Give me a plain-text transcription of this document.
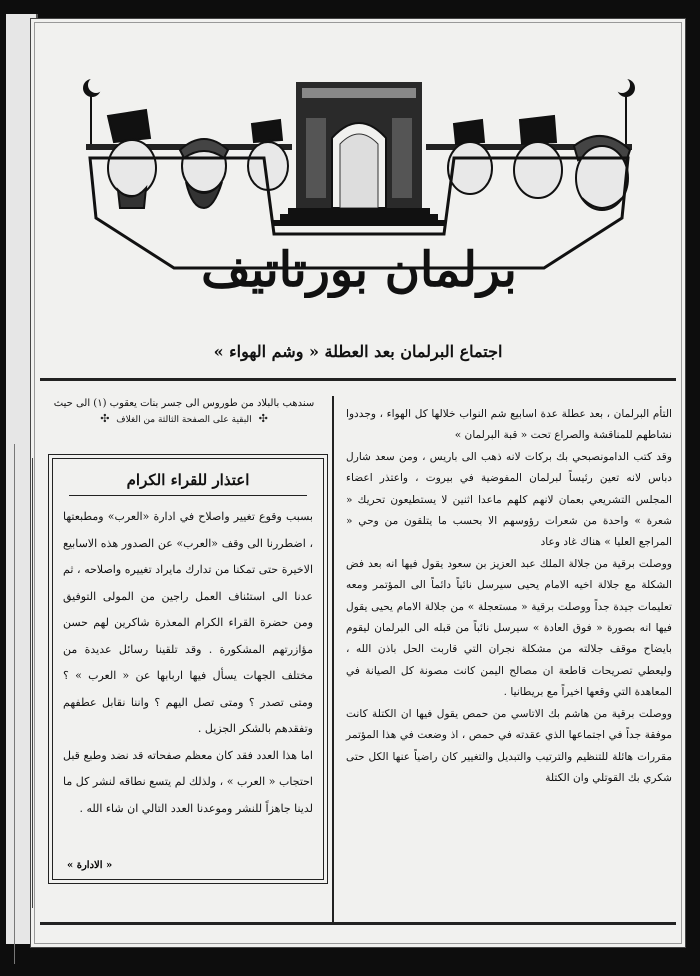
برلمان بورتاتيف
اجتماع البرلمان بعد العطلة « وشم الهواء »

التأم البرلمان ، بعد عطلة عدة اسابيع شم النواب خلالها كل الهواء ، وجددوا نشاطهم للمناقشة والصراع تحت « قبة البرلمان »

وقد كتب الدامونصبحي بك بركات لانه ذهب الى باريس ، ومن سعد شارل دباس لانه تعين رئيساً لبرلمان المفوضية في بيروت ، واعتذر اعضاء المجلس التشريعي بعمان لانهم كلهم ماعدا اثنين لا يستطيعون تحريك « شعرة » واحدة من شعرات رؤوسهم الا بحسب ما يتلقون من وحي « المراجع العليا » هناك غاد وعاد

ووصلت برقية من جلالة الملك عبد العزيز بن سعود يقول فيها انه بعد فض الشكلة مع جلالة اخيه الامام يحيى سيرسل نائباً دائماً الى المؤتمر ومعه تعليمات جيدة جداً ووصلت برقية « مستعجلة » من جلالة الامام يحيى يقول فيها انه بصورة « فوق العادة » سيرسل نائباً من قبله الى البرلمان ليقوم بايضاح موقف جلالته من مشكلة نجران التي قاربت الحل باذن الله ، وليعطي تصريحات قاطعة ان مصالح اليمن كانت مصونة كل الصيانة في المعاهدة التي وقعها اخيراً مع بريطانيا .

ووصلت برقية من هاشم بك الاتاسي من حمص يقول فيها ان الكتلة كانت موفقة جداً في اجتماعها الذي عقدته في حمص ، اذ وضعت في هذا المؤتمر مقررات هائلة للتنظيم والترتيب والتبديل والتغيير كان راضياً عنها الكل حتى شكري بك القوتلي وان الكتلة

سندهب بالبلاد من طوروس الى جسر بنات يعقوب (١) الى حيث
✣ البقية على الصفحة الثالثة من الغلاف ✣
اعتذار للقراء الكرام

بسبب وقوع تغيير واصلاح في ادارة «العرب» ومطبعتها ، اضطررنا الى وقف «العرب» عن الصدور هذه الاسابيع الاخيرة حتى تمكنا من تدارك مايراد تغييره واصلاحه ، ثم عدنا الى استئناف العمل راجين من المولى التوفيق ومن حضرة القراء الكرام المعذرة شاكرين لهم حسن مؤازرتهم المشكورة . وقد تلقينا رسائل عديدة من مختلف الجهات يسأل فيها اربابها عن « العرب » ؟ ومتى تصدر ؟ ومتى تصل اليهم ؟ واننا نقابل عطفهم وتفقدهم بالشكر الجزيل .

اما هذا العدد فقد كان معظم صفحاته قد نضد وطبع قبل احتجاب « العرب » ، ولذلك لم يتسع نطاقه لنشر كل ما لدينا جاهزاً للنشر وموعدنا العدد التالي ان شاء الله .

« الادارة »
